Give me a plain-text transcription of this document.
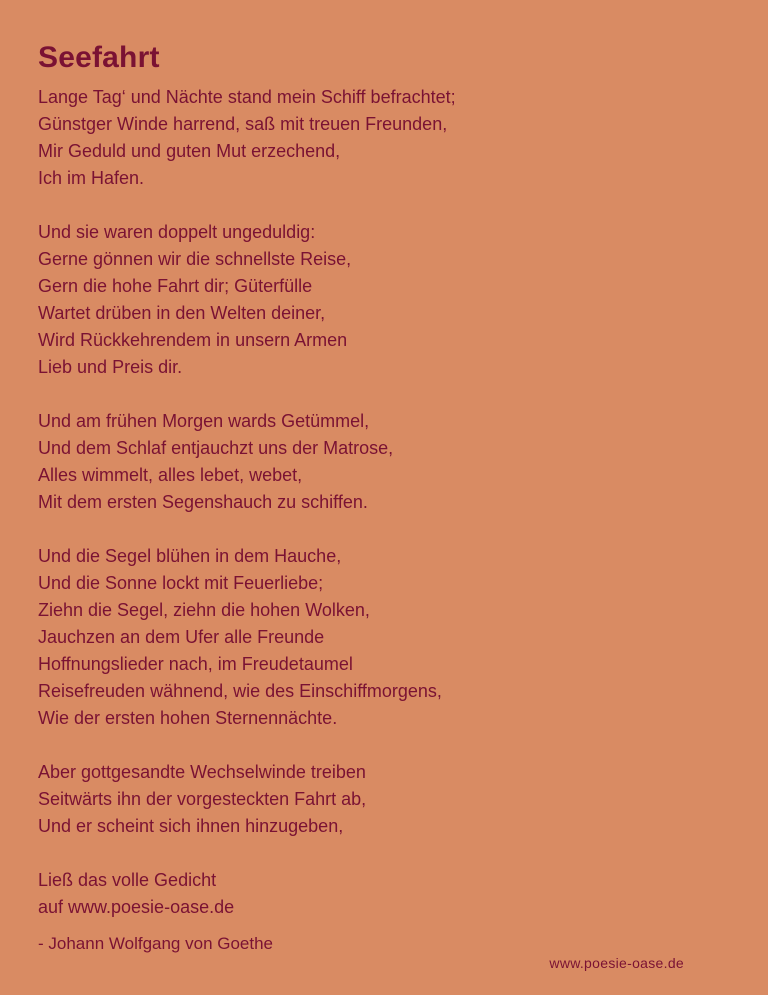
Seefahrt
Lange Tag‘ und Nächte stand mein Schiff befrachtet;
Günstger Winde harrend, saß mit treuen Freunden,
Mir Geduld und guten Mut erzechend,
Ich im Hafen.
Und sie waren doppelt ungeduldig:
Gerne gönnen wir die schnellste Reise,
Gern die hohe Fahrt dir; Güterfülle
Wartet drüben in den Welten deiner,
Wird Rückkehrendem in unsern Armen
Lieb und Preis dir.
Und am frühen Morgen wards Getümmel,
Und dem Schlaf entjauchzt uns der Matrose,
Alles wimmelt, alles lebet, webet,
Mit dem ersten Segenshauch zu schiffen.
Und die Segel blühen in dem Hauche,
Und die Sonne lockt mit Feuerliebe;
Ziehn die Segel, ziehn die hohen Wolken,
Jauchzen an dem Ufer alle Freunde
Hoffnungslieder nach, im Freudetaumel
Reisefreuden wähnend, wie des Einschiffmorgens,
Wie der ersten hohen Sternennächte.
Aber gottgesandte Wechselwinde treiben
Seitwärts ihn der vorgesteckten Fahrt ab,
Und er scheint sich ihnen hinzugeben,
Ließ das volle Gedicht
auf www.poesie-oase.de
- Johann Wolfgang von Goethe
www.poesie-oase.de
